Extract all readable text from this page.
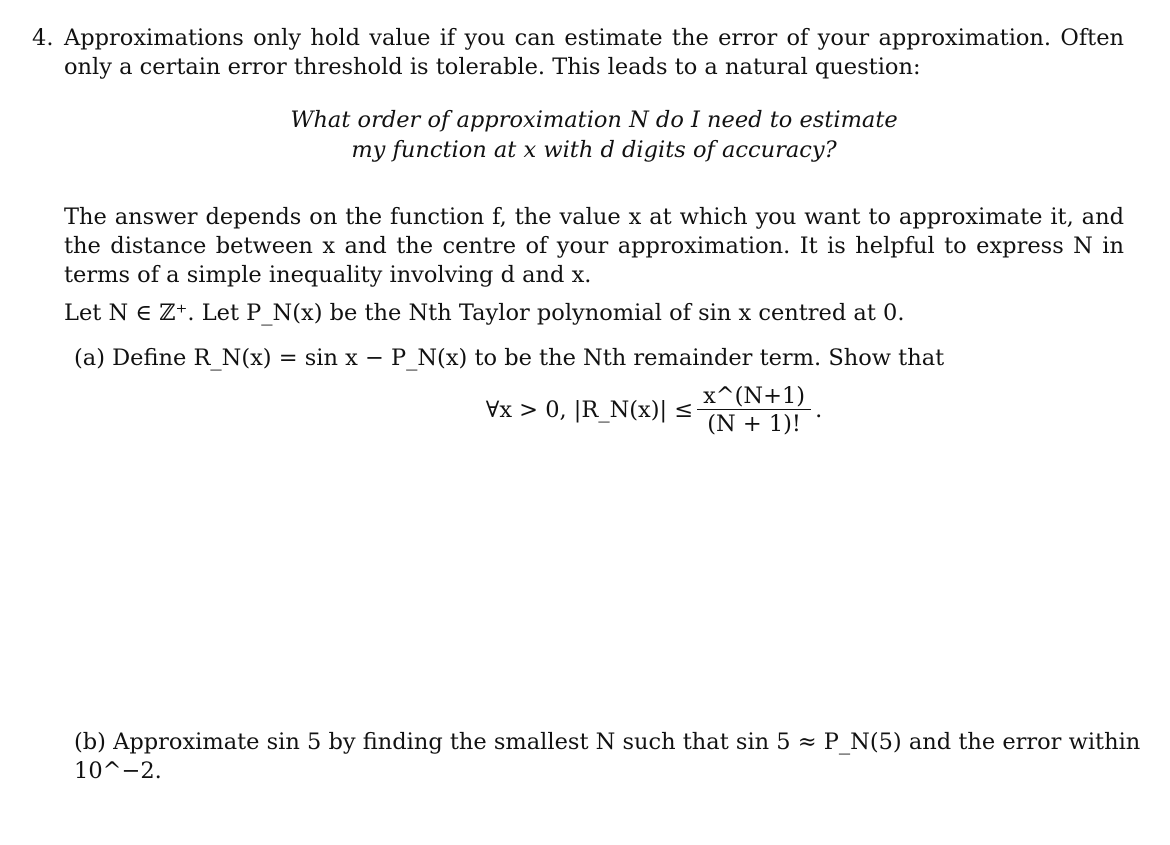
4. Approximations only hold value if you can estimate the error of your approximation. Often only a certain error threshold is tolerable. This leads to a natural question:

What order of approximation N do I need to estimate
my function at x with d digits of accuracy?

The answer depends on the function f, the value x at which you want to approximate it, and the distance between x and the centre of your approximation. It is helpful to express N in terms of a simple inequality involving d and x.

Let N ∈ ℤ⁺. Let P_N(x) be the Nth Taylor polynomial of sin x centred at 0.

(a) Define R_N(x) = sin x − P_N(x) to be the Nth remainder term. Show that
∀x > 0, |R_N(x)| ≤ $\frac{x\^{}(N+1)}{(N + 1)!}$ .
(b) Approximate sin 5 by finding the smallest N such that sin 5 ≈ P_N(5) and the error within 10^−2.
